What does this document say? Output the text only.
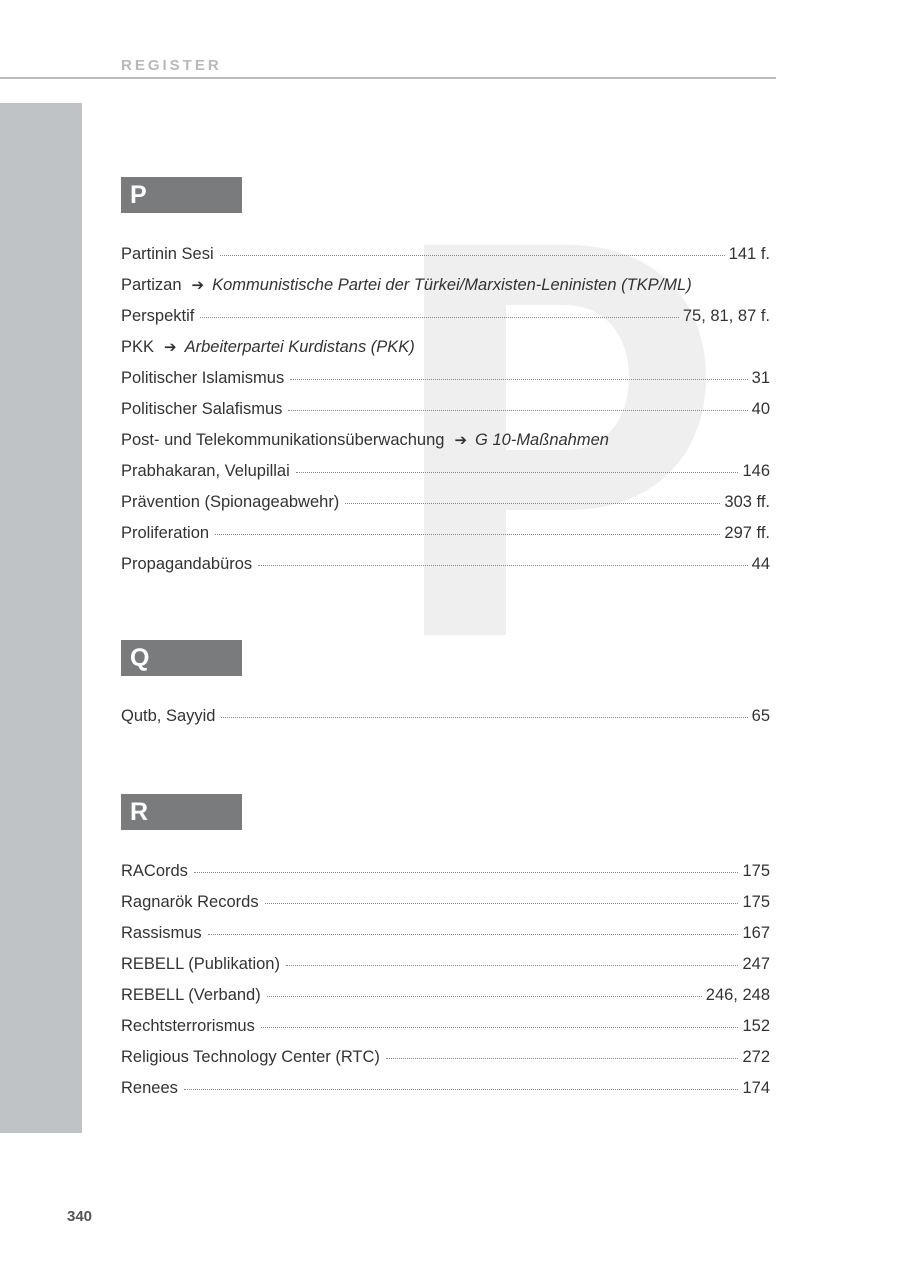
REGISTER
P
Partinin Sesi	141 f.
Partizan ➔ Kommunistische Partei der Türkei/Marxisten-Leninisten (TKP/ML)
Perspektif	75, 81, 87 f.
PKK ➔ Arbeiterpartei Kurdistans (PKK)
Politischer Islamismus	31
Politischer Salafismus	40
Post- und Telekommunikationsüberwachung ➔ G 10-Maßnahmen
Prabhakaran, Velupillai	146
Prävention (Spionageabwehr)	303 ff.
Proliferation	297 ff.
Propagandabüros	44
Q
Qutb, Sayyid	65
R
RACords	175
Ragnarök Records	175
Rassismus	167
REBELL (Publikation)	247
REBELL (Verband)	246, 248
Rechtsterrorismus	152
Religious Technology Center (RTC)	272
Renees	174
340
